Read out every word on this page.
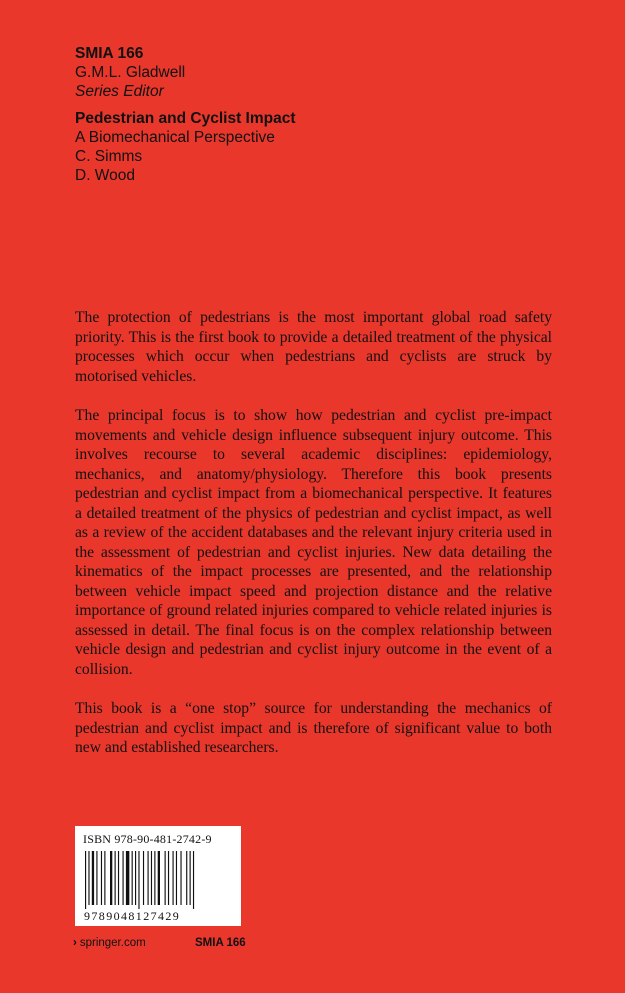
SMIA 166
G.M.L. Gladwell
Series Editor
Pedestrian and Cyclist Impact
A Biomechanical Perspective
C. Simms
D. Wood

The protection of pedestrians is the most important global road safety priority. This is the first book to provide a detailed treatment of the physical processes which occur when pedestrians and cyclists are struck by motorised vehicles.

The principal focus is to show how pedestrian and cyclist pre-impact movements and vehicle design influence subsequent injury outcome. This involves recourse to several academic disciplines: epidemiology, mechanics, and anatomy/physiology. Therefore this book presents pedestrian and cyclist impact from a biomechanical perspective. It features a detailed treatment of the physics of pedestrian and cyclist impact, as well as a review of the accident databases and the relevant injury criteria used in the assessment of pedestrian and cyclist injuries. New data detailing the kinematics of the impact processes are presented, and the relationship between vehicle impact speed and projection distance and the relative importance of ground related injuries compared to vehicle related injuries is assessed in detail. The final focus is on the complex relationship between vehicle design and pedestrian and cyclist injury outcome in the event of a collision.

This book is a “one stop” source for understanding the mechanics of pedestrian and cyclist impact and is therefore of significant value to both new and established researchers.

ISBN 978-90-481-2742-9
9789048127429
› springer.com	SMIA 166
